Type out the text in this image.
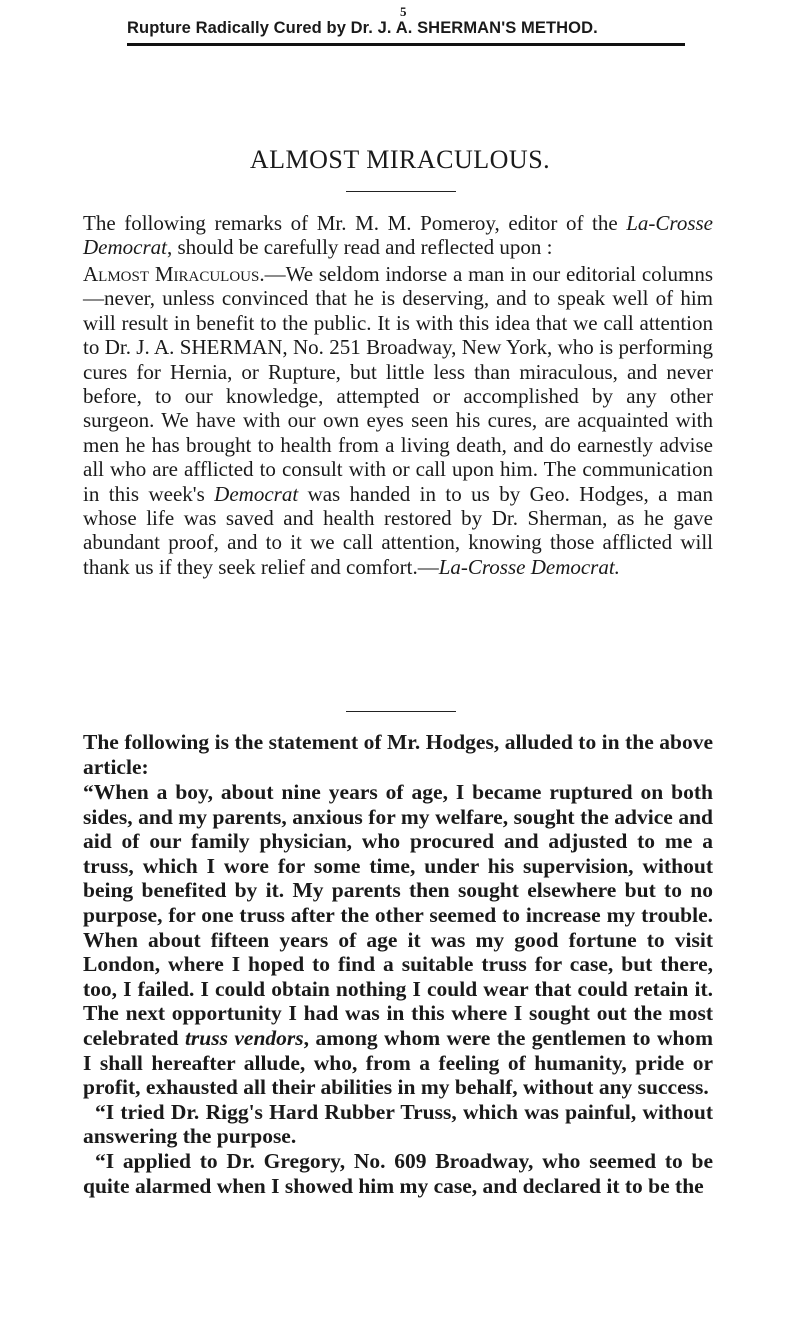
5
Rupture Radically Cured by Dr. J. A. SHERMAN'S METHOD.
ALMOST MIRACULOUS.

The following remarks of Mr. M. M. Pomeroy, editor of the La-Crosse Democrat, should be carefully read and reflected upon :

Almost Miraculous.—We seldom indorse a man in our editorial columns—never, unless convinced that he is deserving, and to speak well of him will result in benefit to the public. It is with this idea that we call attention to Dr. J. A. SHERMAN, No. 251 Broadway, New York, who is performing cures for Hernia, or Rupture, but little less than miraculous, and never before, to our knowledge, attempted or accomplished by any other surgeon. We have with our own eyes seen his cures, are acquainted with men he has brought to health from a living death, and do earnestly advise all who are afflicted to consult with or call upon him. The communication in this week's Democrat was handed in to us by Geo. Hodges, a man whose life was saved and health restored by Dr. Sherman, as he gave abundant proof, and to it we call attention, knowing those afflicted will thank us if they seek relief and comfort.—La-Crosse Democrat.

The following is the statement of Mr. Hodges, alluded to in the above article:

“When a boy, about nine years of age, I became ruptured on both sides, and my parents, anxious for my welfare, sought the advice and aid of our family physician, who procured and adjusted to me a truss, which I wore for some time, under his supervision, without being benefited by it. My parents then sought elsewhere but to no purpose, for one truss after the other seemed to increase my trouble. When about fifteen years of age it was my good fortune to visit London, where I hoped to find a suitable truss for case, but there, too, I failed. I could obtain nothing I could wear that could retain it. The next opportunity I had was in this where I sought out the most celebrated truss vendors, among whom were the gentlemen to whom I shall hereafter allude, who, from a feeling of humanity, pride or profit, exhausted all their abilities in my behalf, without any success.

“I tried Dr. Rigg's Hard Rubber Truss, which was painful, without answering the purpose.

“I applied to Dr. Gregory, No. 609 Broadway, who seemed to be quite alarmed when I showed him my case, and declared it to be the
